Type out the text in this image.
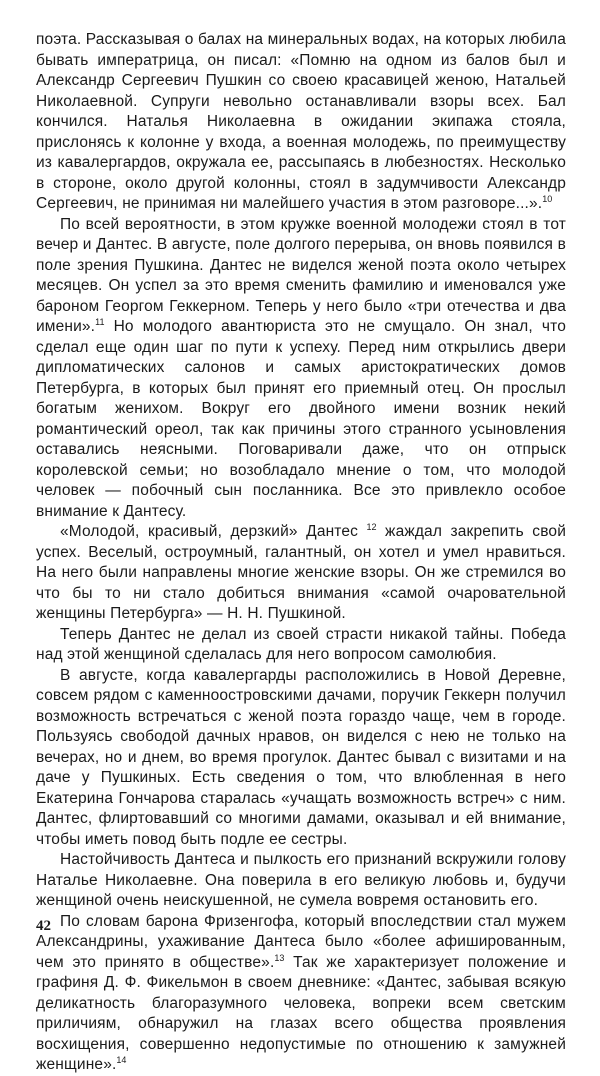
поэта. Рассказывая о балах на минеральных водах, на которых любила бывать императрица, он писал: «Помню на одном из балов был и Александр Сергеевич Пушкин со своею красавицей женою, Натальей Николаевной. Супруги невольно останавливали взоры всех. Бал кончился. Наталья Николаевна в ожидании экипажа стояла, прислонясь к колонне у входа, а военная молодежь, по преимуществу из кавалергардов, окружала ее, рассыпаясь в любезностях. Несколько в стороне, около другой колонны, стоял в задумчивости Александр Сергеевич, не принимая ни малейшего участия в этом разговоре...».$^{10}$

По всей вероятности, в этом кружке военной молодежи стоял в тот вечер и Дантес. В августе, поле долгого перерыва, он вновь появился в поле зрения Пушкина. Дантес не виделся женой поэта около четырех месяцев. Он успел за это время сменить фамилию и именовался уже бароном Георгом Геккерном. Теперь у него было «три отечества и два имени».$^{11}$ Но молодого авантюриста это не смущало. Он знал, что сделал еще один шаг по пути к успеху. Перед ним открылись двери дипломатических салонов и самых аристократических домов Петербурга, в которых был принят его приемный отец. Он прослыл богатым женихом. Вокруг его двойного имени возник некий романтический ореол, так как причины этого странного усыновления оставались неясными. Поговаривали даже, что он отпрыск королевской семьи; но возобладало мнение о том, что молодой человек — побочный сын посланника. Все это привлекло особое внимание к Дантесу.

«Молодой, красивый, дерзкий» Дантес $^{12}$ жаждал закрепить свой успех. Веселый, остроумный, галантный, он хотел и умел нравиться. На него были направлены многие женские взоры. Он же стремился во что бы то ни стало добиться внимания «самой очаровательной женщины Петербурга» — Н. Н. Пушкиной.

Теперь Дантес не делал из своей страсти никакой тайны. Победа над этой женщиной сделалась для него вопросом самолюбия.

В августе, когда кавалергарды расположились в Новой Деревне, совсем рядом с каменноостровскими дачами, поручик Геккерн получил возможность встречаться с женой поэта гораздо чаще, чем в городе. Пользуясь свободой дачных нравов, он виделся с нею не только на вечерах, но и днем, во время прогулок. Дантес бывал с визитами и на даче у Пушкиных. Есть сведения о том, что влюбленная в него Екатерина Гончарова старалась «учащать возможность встреч» с ним. Дантес, флиртовавший со многими дамами, оказывал и ей внимание, чтобы иметь повод быть подле ее сестры.

Настойчивость Дантеса и пылкость его признаний вскружили голову Наталье Николаевне. Она поверила в его великую любовь и, будучи женщиной очень неискушенной, не сумела вовремя остановить его.

По словам барона Фризенгофа, который впоследствии стал мужем Александрины, ухаживание Дантеса было «более афишированным, чем это принято в обществе».$^{13}$ Так же характеризует положение и графиня Д. Ф. Фикельмон в своем дневнике: «Дантес, забывая всякую деликатность благоразумного человека, вопреки всем светским приличиям, обнаружил на глазах всего общества проявления восхищения, совершенно недопустимые по отношению к замужней женщине».$^{14}$

42
